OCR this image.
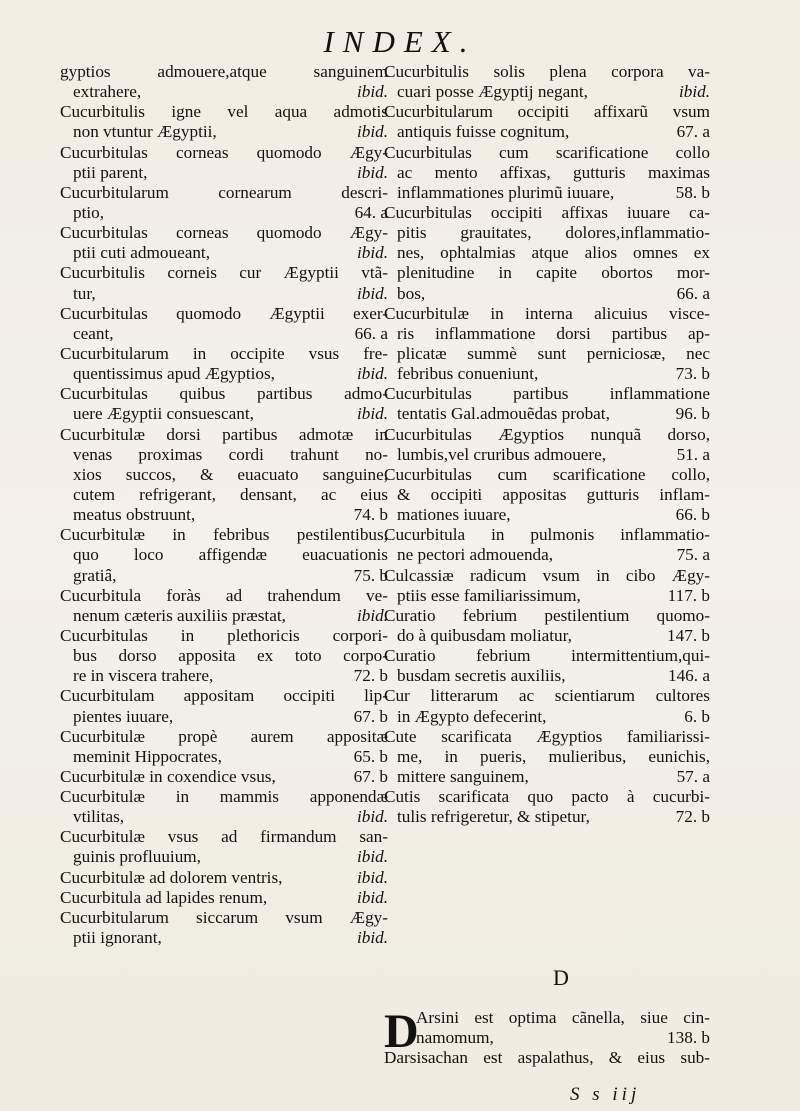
INDEX.
gyptios admouere,atque sanguinem
extrahere,	ibid.
Cucurbitulis igne vel aqua admotis
non vtuntur Ægyptii,	ibid.
Cucurbitulas corneas quomodo Ægy-
ptii parent,	ibid.
Cucurbitularum cornearum descri-
ptio,	64. a
Cucurbitulas corneas quomodo Ægy-
ptii cuti admoueant,	ibid.
Cucurbitulis corneis cur Ægyptii vtã-
tur,	ibid.
Cucurbitulas quomodo Ægyptii exer-
ceant,	66. a
Cucurbitularum in occipite vsus fre-
quentissimus apud Ægyptios,	ibid.
Cucurbitulas quibus partibus admo-
uere Ægyptii consuescant,	ibid.
Cucurbitulæ dorsi partibus admotæ in
venas proximas cordi trahunt no-
xios succos, & euacuato sanguine,
cutem refrigerant, densant, ac eius
meatus obstruunt,	74. b
Cucurbitulæ in febribus pestilentibus,
quo loco affigendæ euacuationis
gratiâ,	75. b
Cucurbitula foràs ad trahendum ve-
nenum cæteris auxiliis præstat,	ibid.
Cucurbitulas in plethoricis corpori-
bus dorso apposita ex toto corpo-
re in viscera trahere,	72. b
Cucurbitulam appositam occipiti lip-
pientes iuuare,	67. b
Cucurbitulæ propè aurem appositæ
meminit Hippocrates,	65. b
Cucurbitulæ in coxendice vsus,	67. b
Cucurbitulæ in mammis apponendæ
vtilitas,	ibid.
Cucurbitulæ vsus ad firmandum san-
guinis profluuium,	ibid.
Cucurbitulæ ad dolorem ventris,	ibid.
Cucurbitula ad lapides renum,	ibid.
Cucurbitularum siccarum vsum Ægy-
ptii ignorant,	ibid.
Cucurbitulis solis plena corpora va-
cuari posse Ægyptij negant,	ibid.
Cucurbitularum occipiti affixarũ vsum
antiquis fuisse cognitum,	67. a
Cucurbitulas cum scarificatione collo
ac mento affixas, gutturis maximas
inflammationes plurimũ iuuare,	58. b
Cucurbitulas occipiti affixas iuuare ca-
pitis grauitates, dolores,inflammatio-
nes, ophtalmias atque alios omnes ex
plenitudine in capite obortos mor-
bos,	66. a
Cucurbitulæ in interna alicuius visce-
ris inflammatione dorsi partibus ap-
plicatæ summè sunt perniciosæ, nec
febribus conueniunt,	73. b
Cucurbitulas partibus inflammatione
tentatis Gal.admouẽdas probat,	96. b
Cucurbitulas Ægyptios nunquã dorso,
lumbis,vel cruribus admouere,	51. a
Cucurbitulas cum scarificatione collo,
& occipiti appositas gutturis inflam-
mationes iuuare,	66. b
Cucurbitula in pulmonis inflammatio-
ne pectori admouenda,	75. a
Culcassiæ radicum vsum in cibo Ægy-
ptiis esse familiarissimum,	117. b
Curatio febrium pestilentium quomo-
do à quibusdam moliatur,	147. b
Curatio febrium intermittentium,qui-
busdam secretis auxiliis,	146. a
Cur litterarum ac scientiarum cultores
in Ægypto defecerint,	6. b
Cute scarificata Ægyptios familiarissi-
me, in pueris, mulieribus, eunichis,
mittere sanguinem,	57. a
Cutis scarificata quo pacto à cucurbi-
tulis refrigeretur, & stipetur,	72. b
D
D
Arsini est optima cãnella, siue cin-
namomum,	138. b
Darsisachan est aspalathus, & eius sub-
S s iij
